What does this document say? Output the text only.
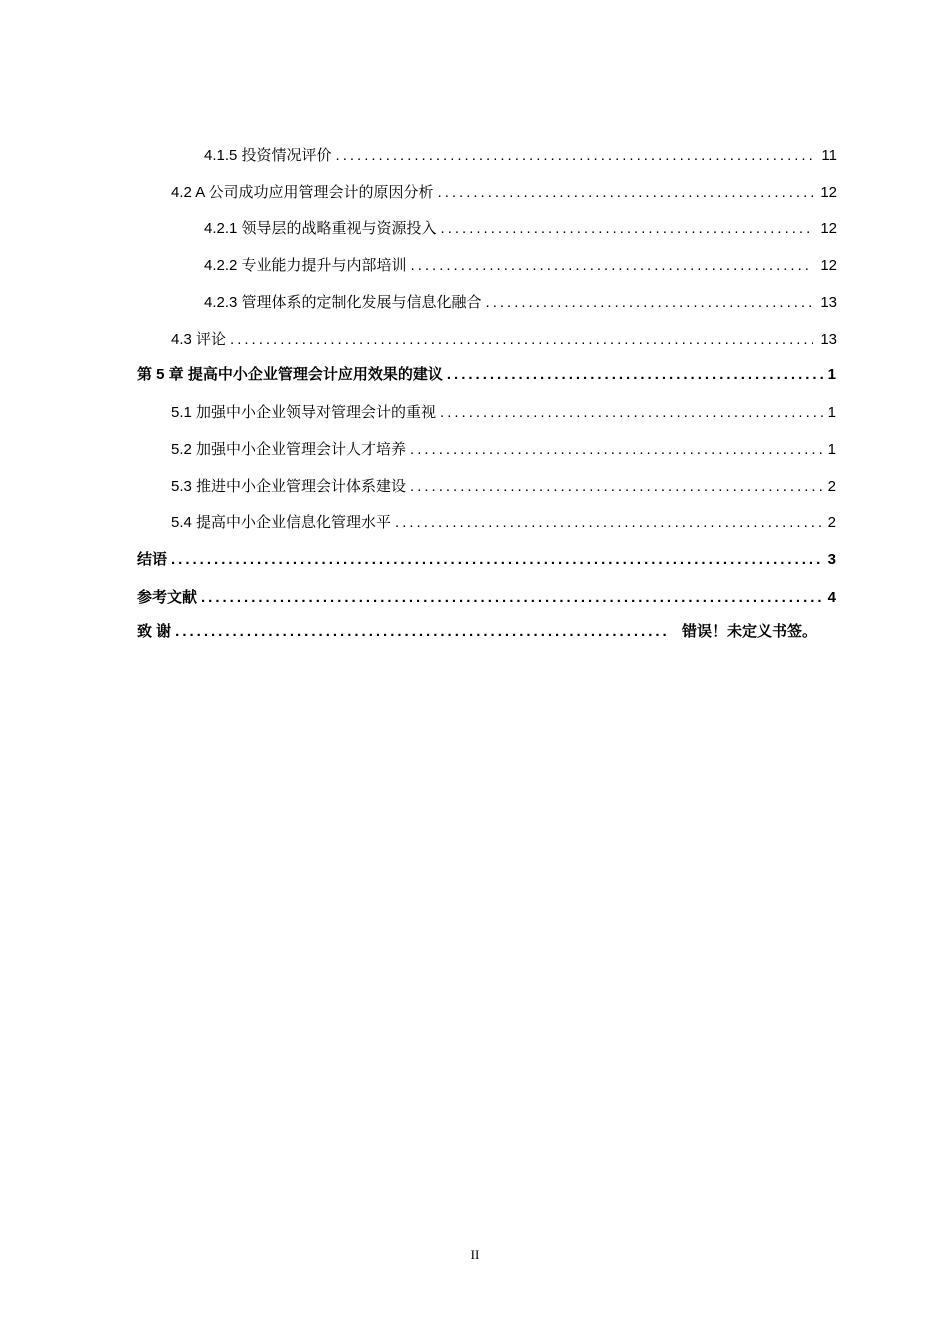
4.1.5 投资情况评价 .....	11
4.2 A 公司成功应用管理会计的原因分析 .....	12
4.2.1 领导层的战略重视与资源投入 .....	12
4.2.2 专业能力提升与内部培训 .....	12
4.2.3 管理体系的定制化发展与信息化融合 .....	13
4.3 评论 .....	13
第 5 章 提高中小企业管理会计应用效果的建议 .....	1
5.1 加强中小企业领导对管理会计的重视 .....	1
5.2 加强中小企业管理会计人才培养 .....	1
5.3 推进中小企业管理会计体系建设 .....	2
5.4 提高中小企业信息化管理水平 .....	2
结语 .....	3
参考文献 .....	4
致 谢 .....	错误！未定义书签。
II
